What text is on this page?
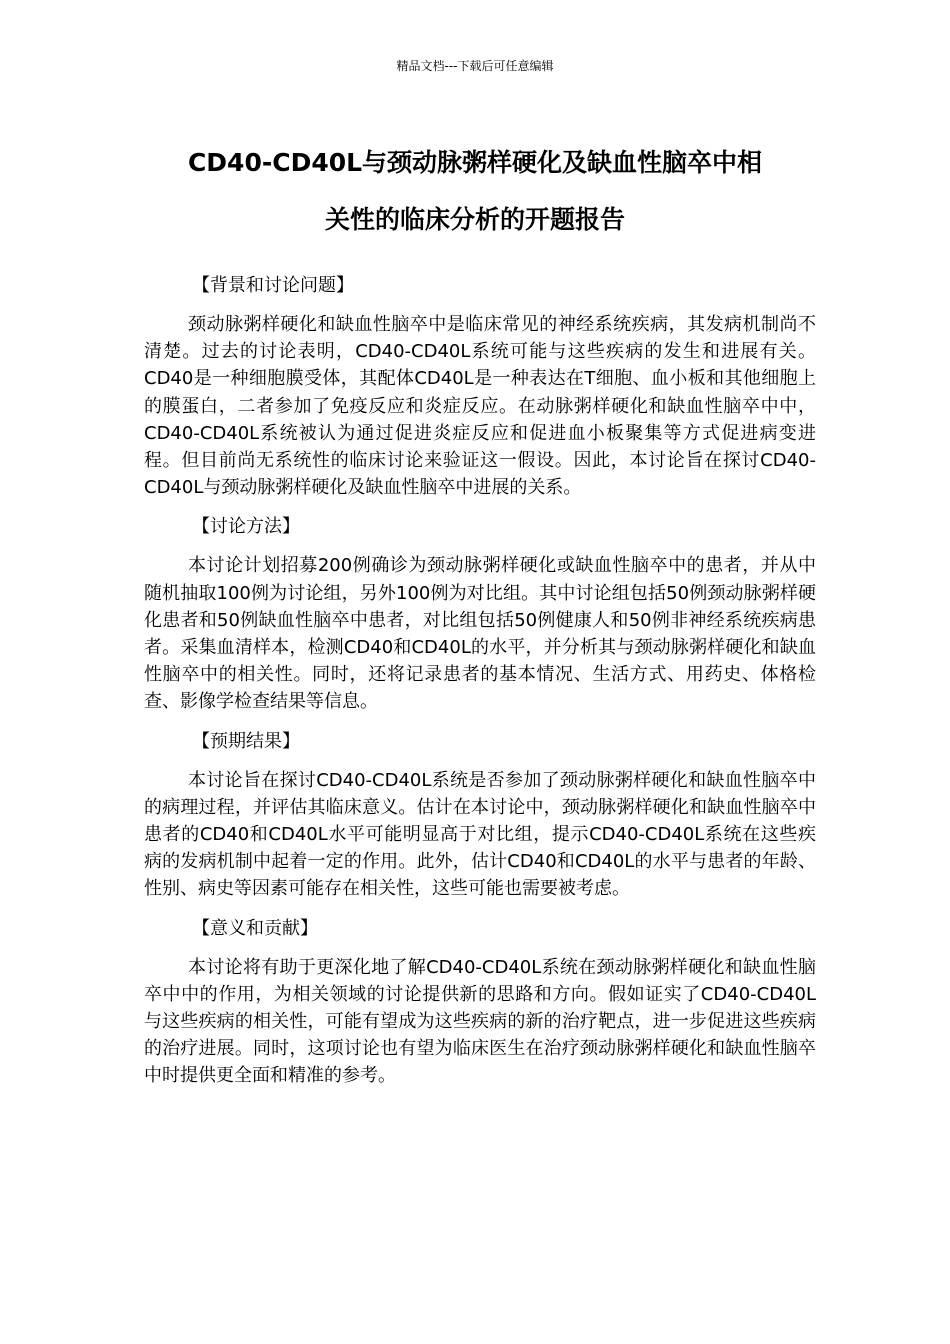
精品文档---下载后可任意编辑
CD40-CD40L与颈动脉粥样硬化及缺血性脑卒中相
关性的临床分析的开题报告

【背景和讨论问题】

颈动脉粥样硬化和缺血性脑卒中是临床常见的神经系统疾病，其发病机制尚不清楚。过去的讨论表明，CD40-CD40L系统可能与这些疾病的发生和进展有关。CD40是一种细胞膜受体，其配体CD40L是一种表达在T细胞、血小板和其他细胞上的膜蛋白，二者参加了免疫反应和炎症反应。在动脉粥样硬化和缺血性脑卒中中，CD40-CD40L系统被认为通过促进炎症反应和促进血小板聚集等方式促进病变进程。但目前尚无系统性的临床讨论来验证这一假设。因此，本讨论旨在探讨CD40-CD40L与颈动脉粥样硬化及缺血性脑卒中进展的关系。

【讨论方法】

本讨论计划招募200例确诊为颈动脉粥样硬化或缺血性脑卒中的患者，并从中随机抽取100例为讨论组，另外100例为对比组。其中讨论组包括50例颈动脉粥样硬化患者和50例缺血性脑卒中患者，对比组包括50例健康人和50例非神经系统疾病患者。采集血清样本，检测CD40和CD40L的水平，并分析其与颈动脉粥样硬化和缺血性脑卒中的相关性。同时，还将记录患者的基本情况、生活方式、用药史、体格检查、影像学检查结果等信息。

【预期结果】

本讨论旨在探讨CD40-CD40L系统是否参加了颈动脉粥样硬化和缺血性脑卒中的病理过程，并评估其临床意义。估计在本讨论中，颈动脉粥样硬化和缺血性脑卒中患者的CD40和CD40L水平可能明显高于对比组，提示CD40-CD40L系统在这些疾病的发病机制中起着一定的作用。此外，估计CD40和CD40L的水平与患者的年龄、性别、病史等因素可能存在相关性，这些可能也需要被考虑。

【意义和贡献】

本讨论将有助于更深化地了解CD40-CD40L系统在颈动脉粥样硬化和缺血性脑卒中中的作用，为相关领域的讨论提供新的思路和方向。假如证实了CD40-CD40L与这些疾病的相关性，可能有望成为这些疾病的新的治疗靶点，进一步促进这些疾病的治疗进展。同时，这项讨论也有望为临床医生在治疗颈动脉粥样硬化和缺血性脑卒中时提供更全面和精准的参考。
